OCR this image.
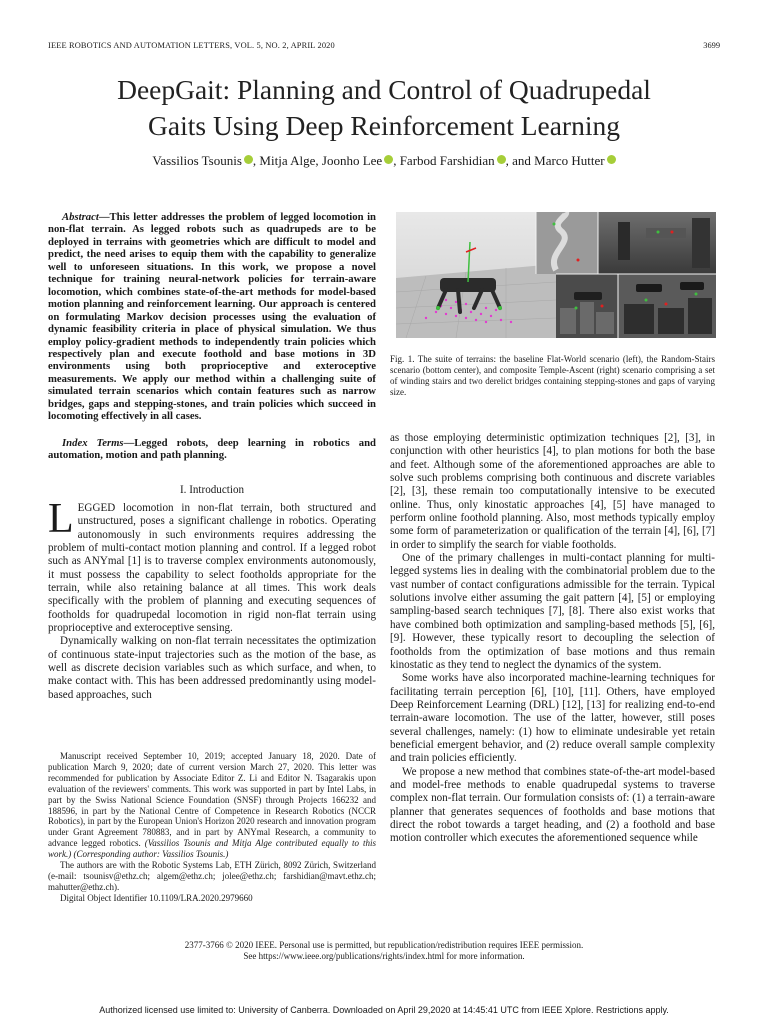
IEEE ROBOTICS AND AUTOMATION LETTERS, VOL. 5, NO. 2, APRIL 2020	3699
DeepGait: Planning and Control of Quadrupedal
Gaits Using Deep Reinforcement Learning
Vassilios Tsounis , Mitja Alge, Joonho Lee , Farbod Farshidian , and Marco Hutter
Abstract—This letter addresses the problem of legged locomotion in non-flat terrain. As legged robots such as quadrupeds are to be deployed in terrains with geometries which are difficult to model and predict, the need arises to equip them with the capability to generalize well to unforeseen situations. In this work, we propose a novel technique for training neural-network policies for terrain-aware locomotion, which combines state-of-the-art methods for model-based motion planning and reinforcement learning. Our approach is centered on formulating Markov decision processes using the evaluation of dynamic feasibility criteria in place of physical simulation. We thus employ policy-gradient methods to independently train policies which respectively plan and execute foothold and base motions in 3D environments using both proprioceptive and exteroceptive measurements. We apply our method within a challenging suite of simulated terrain scenarios which contain features such as narrow bridges, gaps and stepping-stones, and train policies which succeed in locomoting effectively in all cases.
Index Terms—Legged robots, deep learning in robotics and automation, motion and path planning.
I. Introduction

LEGGED locomotion in non-flat terrain, both structured and unstructured, poses a significant challenge in robotics. Operating autonomously in such environments requires addressing the problem of multi-contact motion planning and control. If a legged robot such as ANYmal [1] is to traverse complex environments autonomously, it must possess the capability to select footholds appropriate for the terrain, while also retaining balance at all times. This work deals specifically with the problem of planning and executing sequences of footholds for quadrupedal locomotion in rigid non-flat terrain using proprioceptive and exteroceptive sensing.

Dynamically walking on non-flat terrain necessitates the optimization of continuous state-input trajectories such as the motion of the base, as well as discrete decision variables such as which surface, and when, to make contact with. This has been addressed predominantly using model-based approaches, such

Manuscript received September 10, 2019; accepted January 18, 2020. Date of publication March 9, 2020; date of current version March 27, 2020. This letter was recommended for publication by Associate Editor Z. Li and Editor N. Tsagarakis upon evaluation of the reviewers' comments. This work was supported in part by Intel Labs, in part by the Swiss National Science Foundation (SNSF) through Projects 166232 and 188596, in part by the National Centre of Competence in Research Robotics (NCCR Robotics), in part by the European Union's Horizon 2020 research and innovation program under Grant Agreement 780883, and in part by ANYmal Research, a community to advance legged robotics. (Vassilios Tsounis and Mitja Alge contributed equally to this work.) (Corresponding author: Vassilios Tsounis.)

The authors are with the Robotic Systems Lab, ETH Zürich, 8092 Zürich, Switzerland (e-mail: tsounisv@ethz.ch; algem@ethz.ch; jolee@ethz.ch; farshidian@mavt.ethz.ch; mahutter@ethz.ch).

Digital Object Identifier 10.1109/LRA.2020.2979660

Fig. 1. The suite of terrains: the baseline Flat-World scenario (left), the Random-Stairs scenario (bottom center), and composite Temple-Ascent (right) scenario comprising a set of winding stairs and two derelict bridges containing stepping-stones and gaps of varying size.

as those employing deterministic optimization techniques [2], [3], in conjunction with other heuristics [4], to plan motions for both the base and feet. Although some of the aforementioned approaches are able to solve such problems comprising both continuous and discrete variables [2], [3], these remain too computationally intensive to be executed online. Thus, only kinostatic approaches [4], [5] have managed to perform online foothold planning. Also, most methods typically employ some form of parameterization or qualification of the terrain [4], [6], [7] in order to simplify the search for viable footholds.

One of the primary challenges in multi-contact planning for multi-legged systems lies in dealing with the combinatorial problem due to the vast number of contact configurations admissible for the terrain. Typical solutions involve either assuming the gait pattern [4], [5] or employing sampling-based search techniques [7], [8]. There also exist works that have combined both optimization and sampling-based methods [5], [6], [9]. However, these typically resort to decoupling the selection of footholds from the optimization of base motions and thus remain kinostatic as they tend to neglect the dynamics of the system.

Some works have also incorporated machine-learning techniques for facilitating terrain perception [6], [10], [11]. Others, have employed Deep Reinforcement Learning (DRL) [12], [13] for realizing end-to-end terrain-aware locomotion. The use of the latter, however, still poses several challenges, namely: (1) how to eliminate undesirable yet retain beneficial emergent behavior, and (2) reduce overall sample complexity and train policies efficiently.

We propose a new method that combines state-of-the-art model-based and model-free methods to enable quadrupedal systems to traverse complex non-flat terrain. Our formulation consists of: (1) a terrain-aware planner that generates sequences of footholds and base motions that direct the robot towards a target heading, and (2) a foothold and base motion controller which executes the aforementioned sequence while

2377-3766 © 2020 IEEE. Personal use is permitted, but republication/redistribution requires IEEE permission.
See https://www.ieee.org/publications/rights/index.html for more information.
Authorized licensed use limited to: University of Canberra. Downloaded on April 29,2020 at 14:45:41 UTC from IEEE Xplore. Restrictions apply.
